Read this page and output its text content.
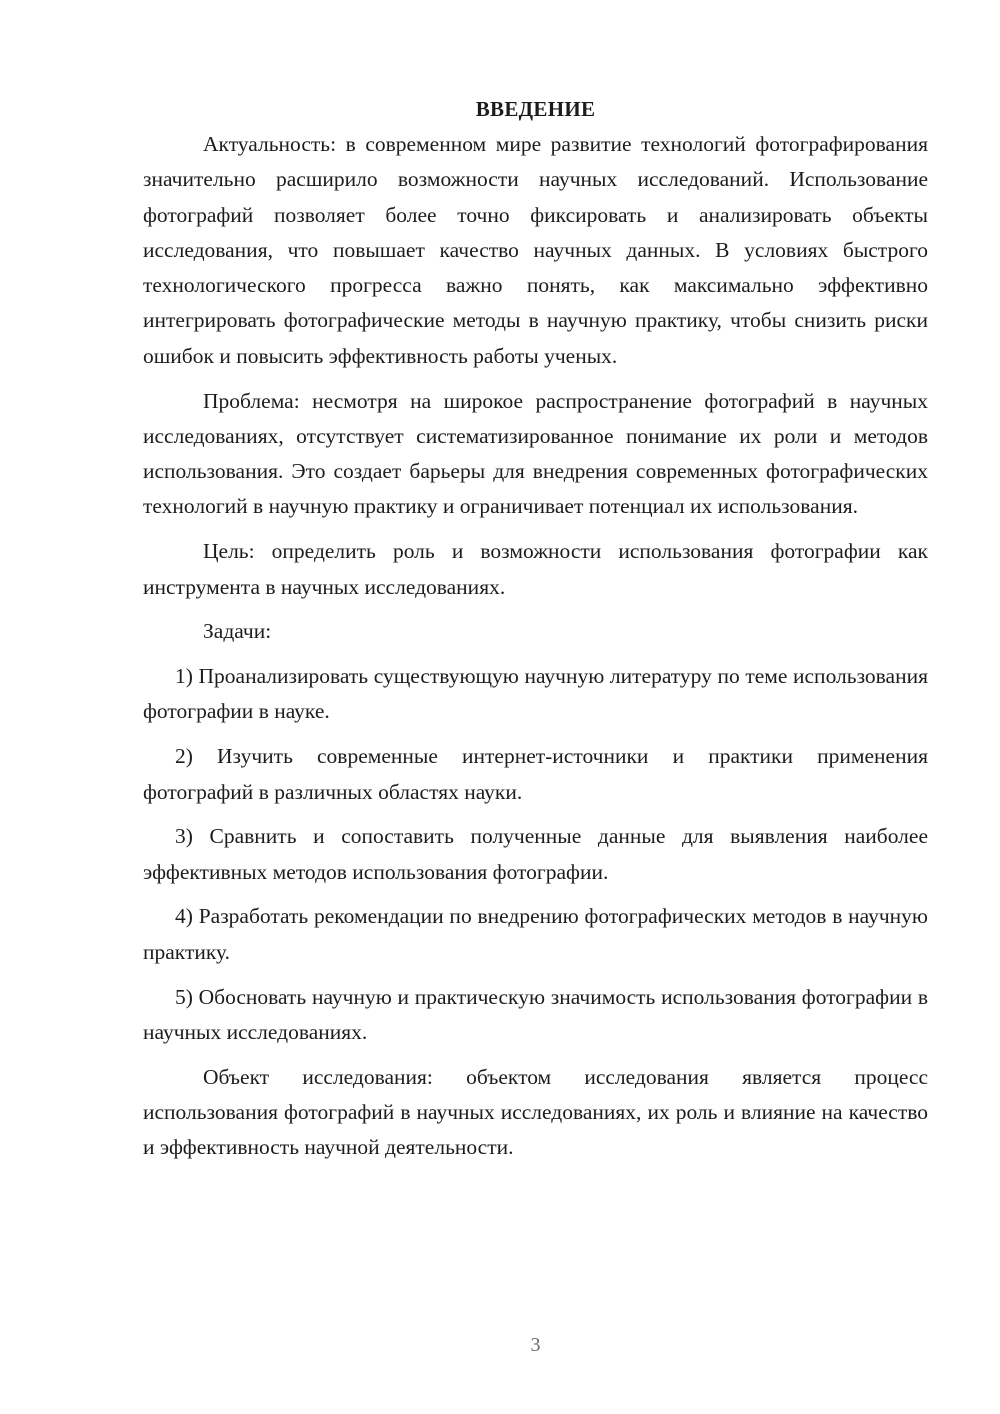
ВВЕДЕНИЕ

Актуальность: в современном мире развитие технологий фотографирования значительно расширило возможности научных исследований. Использование фотографий позволяет более точно фиксировать и анализировать объекты исследования, что повышает качество научных данных. В условиях быстрого технологического прогресса важно понять, как максимально эффективно интегрировать фотографические методы в научную практику, чтобы снизить риски ошибок и повысить эффективность работы ученых.

Проблема: несмотря на широкое распространение фотографий в научных исследованиях, отсутствует систематизированное понимание их роли и методов использования. Это создает барьеры для внедрения современных фотографических технологий в научную практику и ограничивает потенциал их использования.

Цель: определить роль и возможности использования фотографии как инструмента в научных исследованиях.

Задачи:

1) Проанализировать существующую научную литературу по теме использования фотографии в науке.

2) Изучить современные интернет-источники и практики применения фотографий в различных областях науки.

3) Сравнить и сопоставить полученные данные для выявления наиболее эффективных методов использования фотографии.

4) Разработать рекомендации по внедрению фотографических методов в научную практику.

5) Обосновать научную и практическую значимость использования фотографии в научных исследованиях.

Объект исследования: объектом исследования является процесс использования фотографий в научных исследованиях, их роль и влияние на качество и эффективность научной деятельности.

3
